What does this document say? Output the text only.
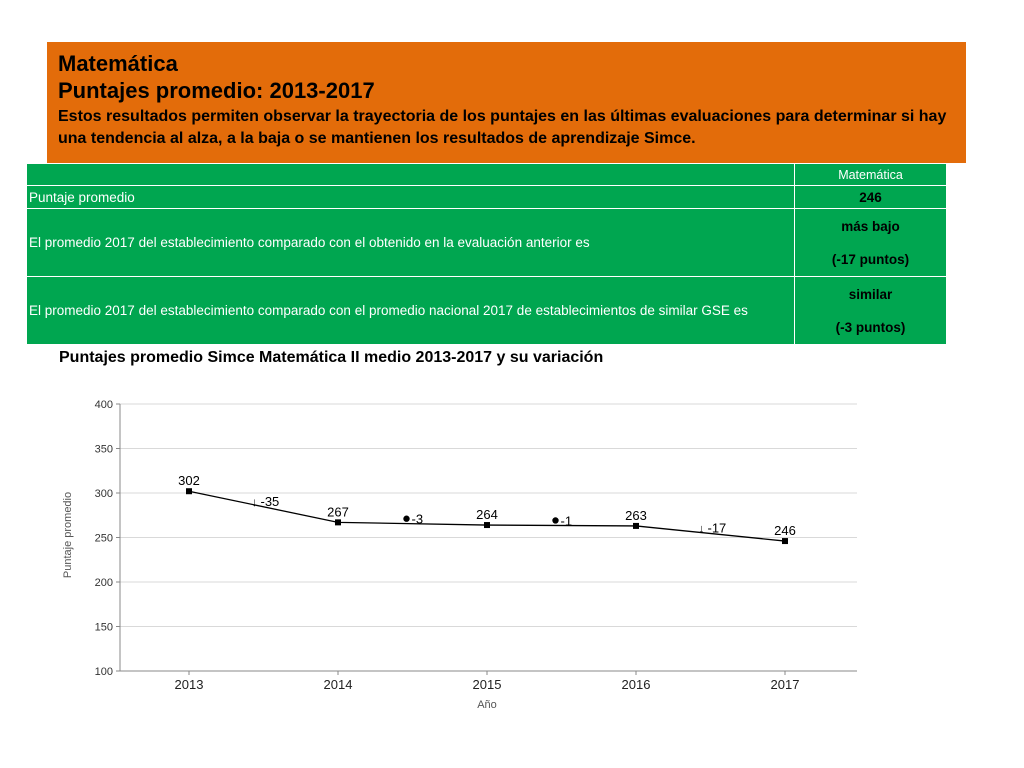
Matemática
Puntajes promedio: 2013-2017
Estos resultados permiten observar la trayectoria de los puntajes en las últimas evaluaciones para determinar si hay una tendencia al alza, a la baja o se mantienen los resultados de aprendizaje Simce.
	Matemática
Puntaje promedio	246

El promedio 2017 del establecimiento comparado con el obtenido en la evaluación anterior es	más bajo
(-17 puntos)

El promedio 2017 del establecimiento comparado con el promedio nacional 2017 de establecimientos de similar GSE es	similar
(-3 puntos)
Puntajes promedio Simce Matemática II medio 2013-2017 y su variación
100
150
200
250
300
350
400
2013	2014	2015	2016	2017
302
267	264	263
246
↓ -35
-3	-1
↓ -17
Año
Puntaje promedio
